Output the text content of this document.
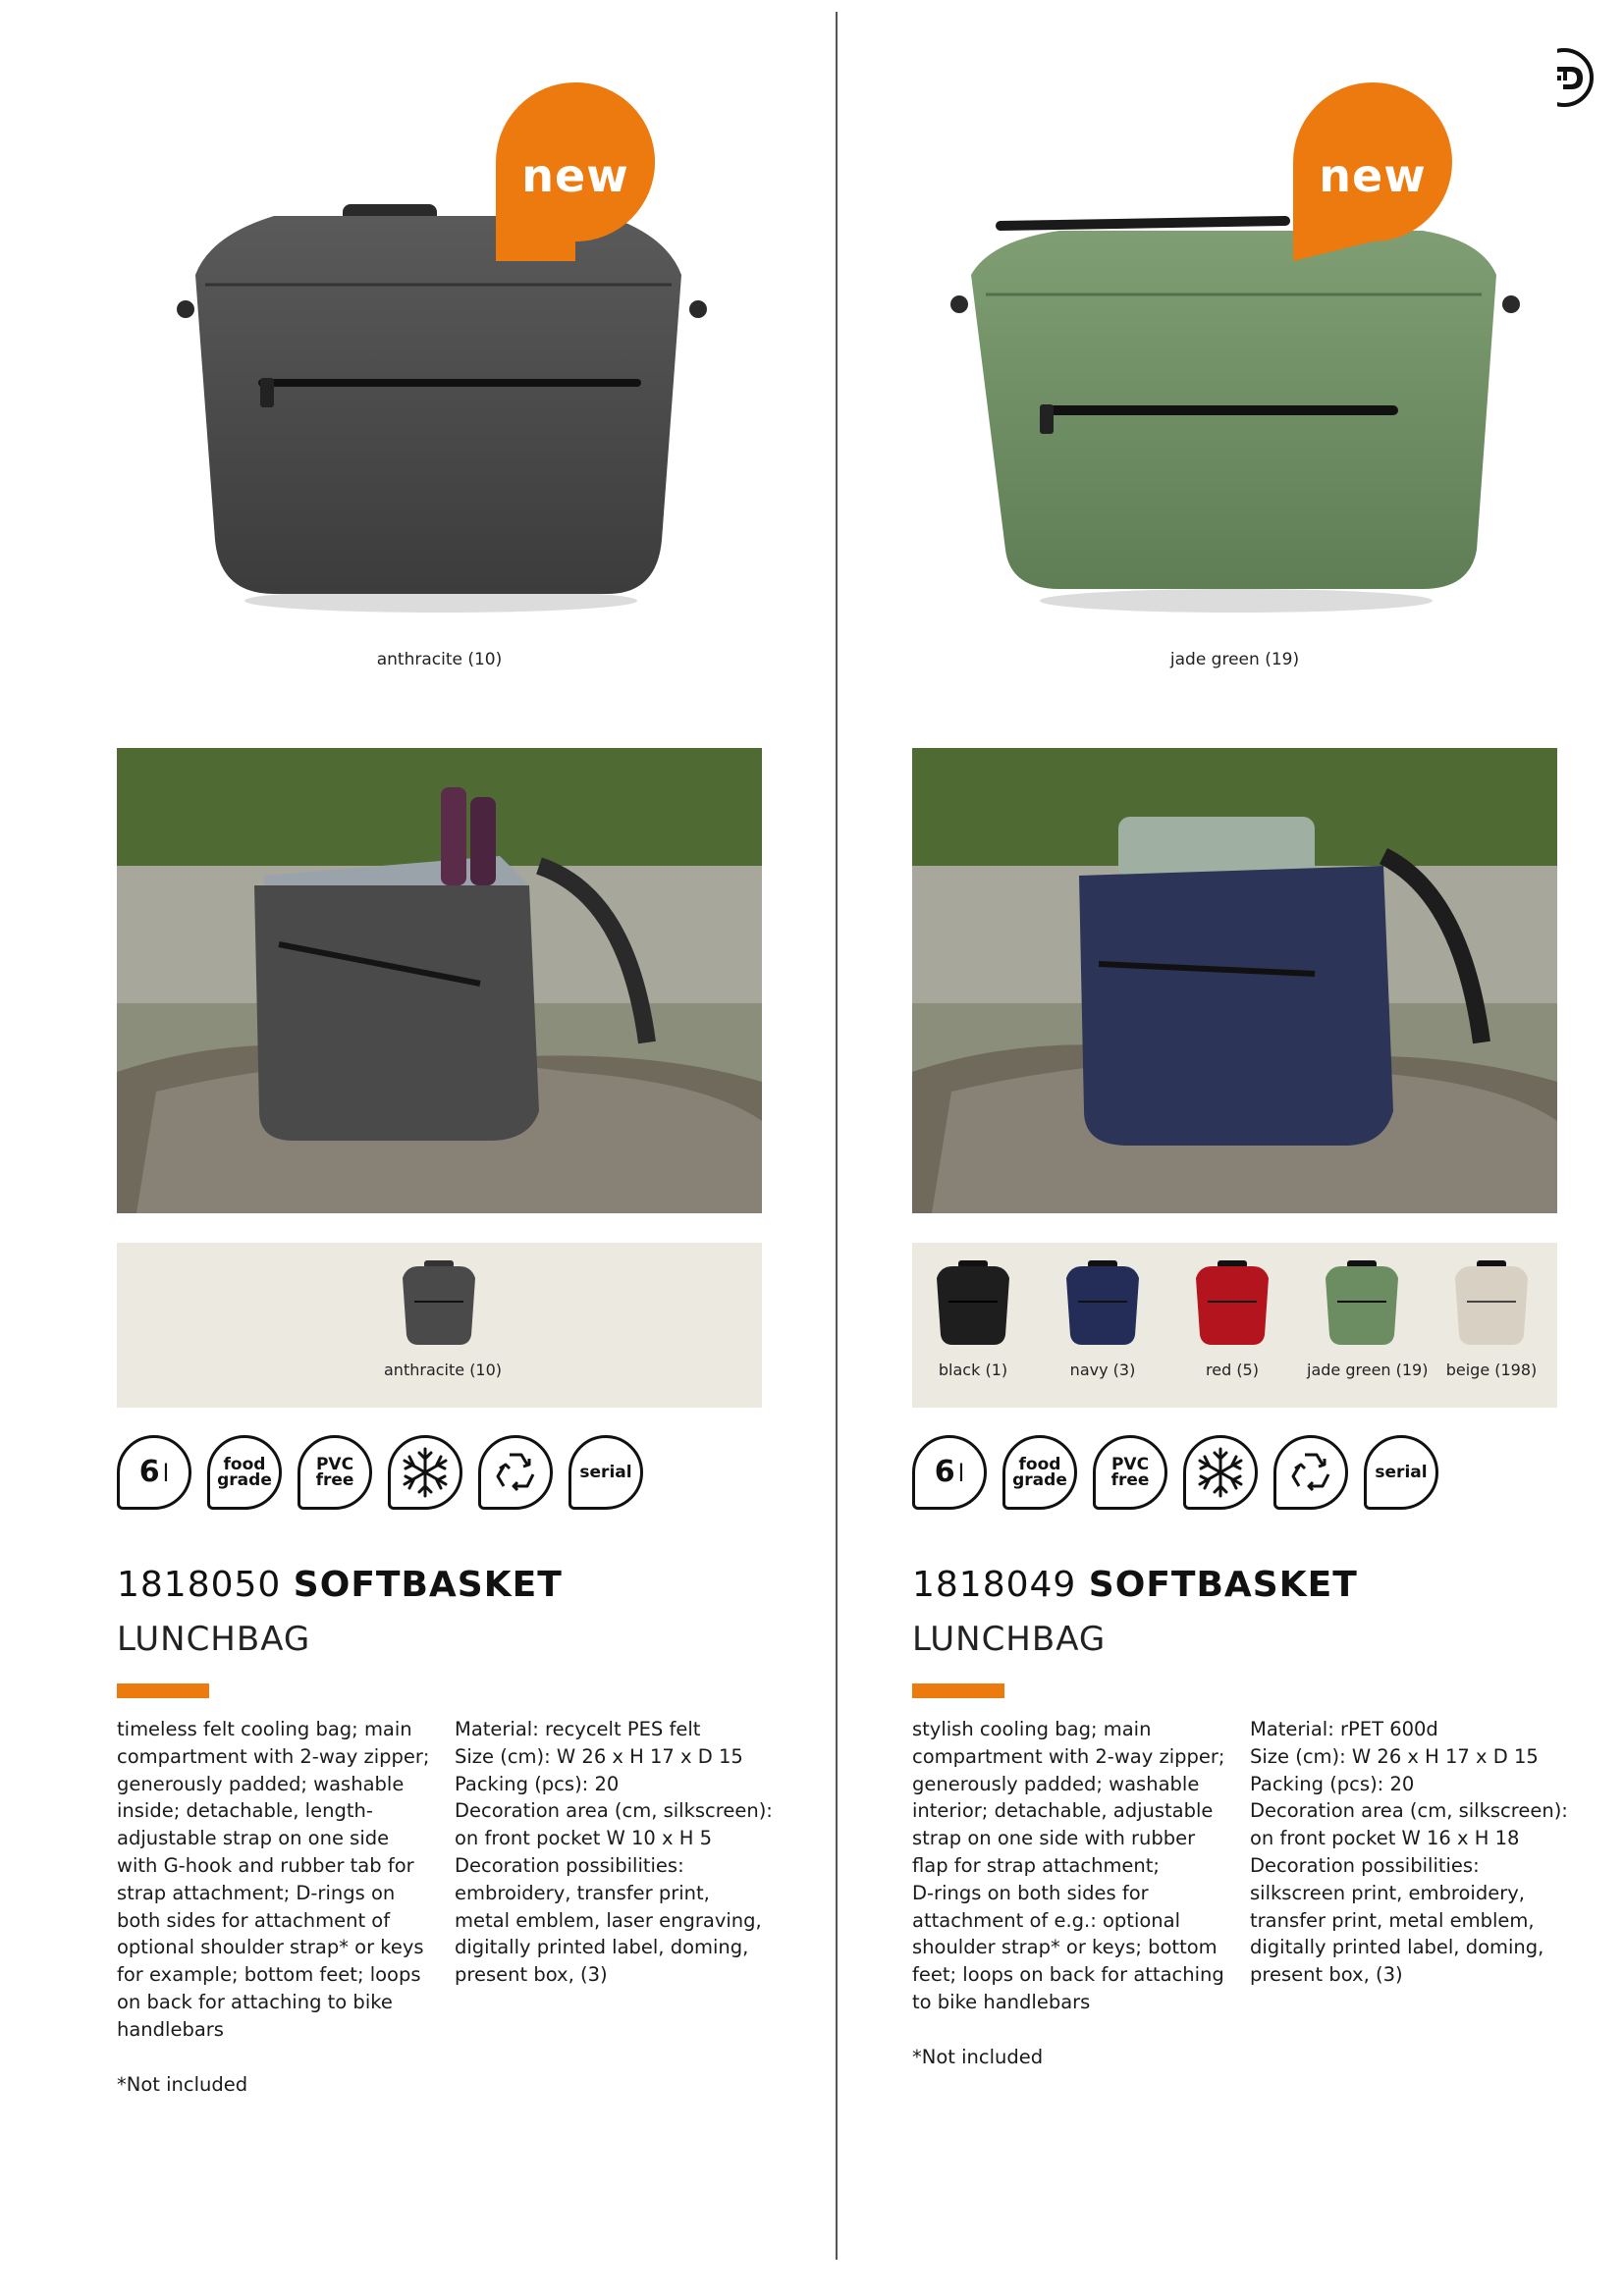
anthracite (10)
new
anthracite (10)
6 l	food
grade
PVC
free	serial
1818050 SOFTBASKET
LUNCHBAG
timeless felt cooling bag; main
compartment with 2-way zipper;
generously padded; washable
inside; detachable, length-
adjustable strap on one side
with G-hook and rubber tab for
strap attachment; D-rings on
both sides for attachment of
optional shoulder strap* or keys
for example; bottom feet; loops
on back for attaching to bike
handlebars
Material: recycelt PES felt
Size (cm): W 26 x H 17 x D 15
Packing (pcs): 20
Decoration area (cm, silkscreen):
on front pocket W 10 x H 5
Decoration possibilities:
embroidery, transfer print,
metal emblem, laser engraving,
digitally printed label, doming,
present box, (3)
*Not included
jade green (19)
new
black (1)	navy (3)	red (5)	jade green (19)	beige (198)
6 l	food
grade
PVC
free	serial
1818049 SOFTBASKET
LUNCHBAG
stylish cooling bag; main
compartment with 2-way zipper;
generously padded; washable
interior; detachable, adjustable
strap on one side with rubber
flap for strap attachment;
D-rings on both sides for
attachment of e.g.: optional
shoulder strap* or keys; bottom
feet; loops on back for attaching
to bike handlebars
Material: rPET 600d
Size (cm): W 26 x H 17 x D 15
Packing (pcs): 20
Decoration area (cm, silkscreen):
on front pocket W 16 x H 18
Decoration possibilities:
silkscreen print, embroidery,
transfer print, metal emblem,
digitally printed label, doming,
present box, (3)
*Not included
